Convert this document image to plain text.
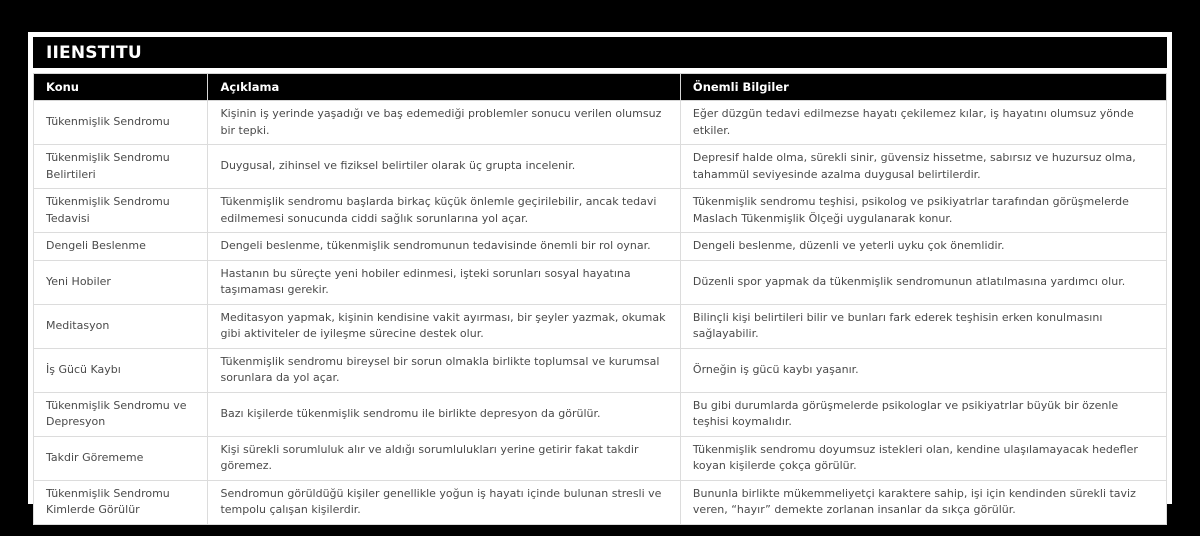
IIENSTITU
Konu	Açıklama	Önemli Bilgiler
Tükenmişlik Sendromu	Kişinin iş yerinde yaşadığı ve baş edemediği problemler sonucu verilen olumsuz bir tepki.	Eğer düzgün tedavi edilmezse hayatı çekilemez kılar, iş hayatını olumsuz yönde etkiler.
Tükenmişlik Sendromu Belirtileri	Duygusal, zihinsel ve fiziksel belirtiler olarak üç grupta incelenir.	Depresif halde olma, sürekli sinir, güvensiz hissetme, sabırsız ve huzursuz olma, tahammül seviyesinde azalma duygusal belirtilerdir.
Tükenmişlik Sendromu Tedavisi	Tükenmişlik sendromu başlarda birkaç küçük önlemle geçirilebilir, ancak tedavi edilmemesi sonucunda ciddi sağlık sorunlarına yol açar.	Tükenmişlik sendromu teşhisi, psikolog ve psikiyatrlar tarafından görüşmelerde Maslach Tükenmişlik Ölçeği uygulanarak konur.
Dengeli Beslenme	Dengeli beslenme, tükenmişlik sendromunun tedavisinde önemli bir rol oynar.	Dengeli beslenme, düzenli ve yeterli uyku çok önemlidir.
Yeni Hobiler	Hastanın bu süreçte yeni hobiler edinmesi, işteki sorunları sosyal hayatına taşımaması gerekir.	Düzenli spor yapmak da tükenmişlik sendromunun atlatılmasına yardımcı olur.
Meditasyon	Meditasyon yapmak, kişinin kendisine vakit ayırması, bir şeyler yazmak, okumak gibi aktiviteler de iyileşme sürecine destek olur.	Bilinçli kişi belirtileri bilir ve bunları fark ederek teşhisin erken konulmasını sağlayabilir.
İş Gücü Kaybı	Tükenmişlik sendromu bireysel bir sorun olmakla birlikte toplumsal ve kurumsal sorunlara da yol açar.	Örneğin iş gücü kaybı yaşanır.
Tükenmişlik Sendromu ve Depresyon	Bazı kişilerde tükenmişlik sendromu ile birlikte depresyon da görülür.	Bu gibi durumlarda görüşmelerde psikologlar ve psikiyatrlar büyük bir özenle teşhisi koymalıdır.
Takdir Görememe	Kişi sürekli sorumluluk alır ve aldığı sorumlulukları yerine getirir fakat takdir göremez.	Tükenmişlik sendromu doyumsuz istekleri olan, kendine ulaşılamayacak hedefler koyan kişilerde çokça görülür.
Tükenmişlik Sendromu Kimlerde Görülür	Sendromun görüldüğü kişiler genellikle yoğun iş hayatı içinde bulunan stresli ve tempolu çalışan kişilerdir.	Bununla birlikte mükemmeliyetçi karaktere sahip, işi için kendinden sürekli taviz veren, “hayır” demekte zorlanan insanlar da sıkça görülür.
